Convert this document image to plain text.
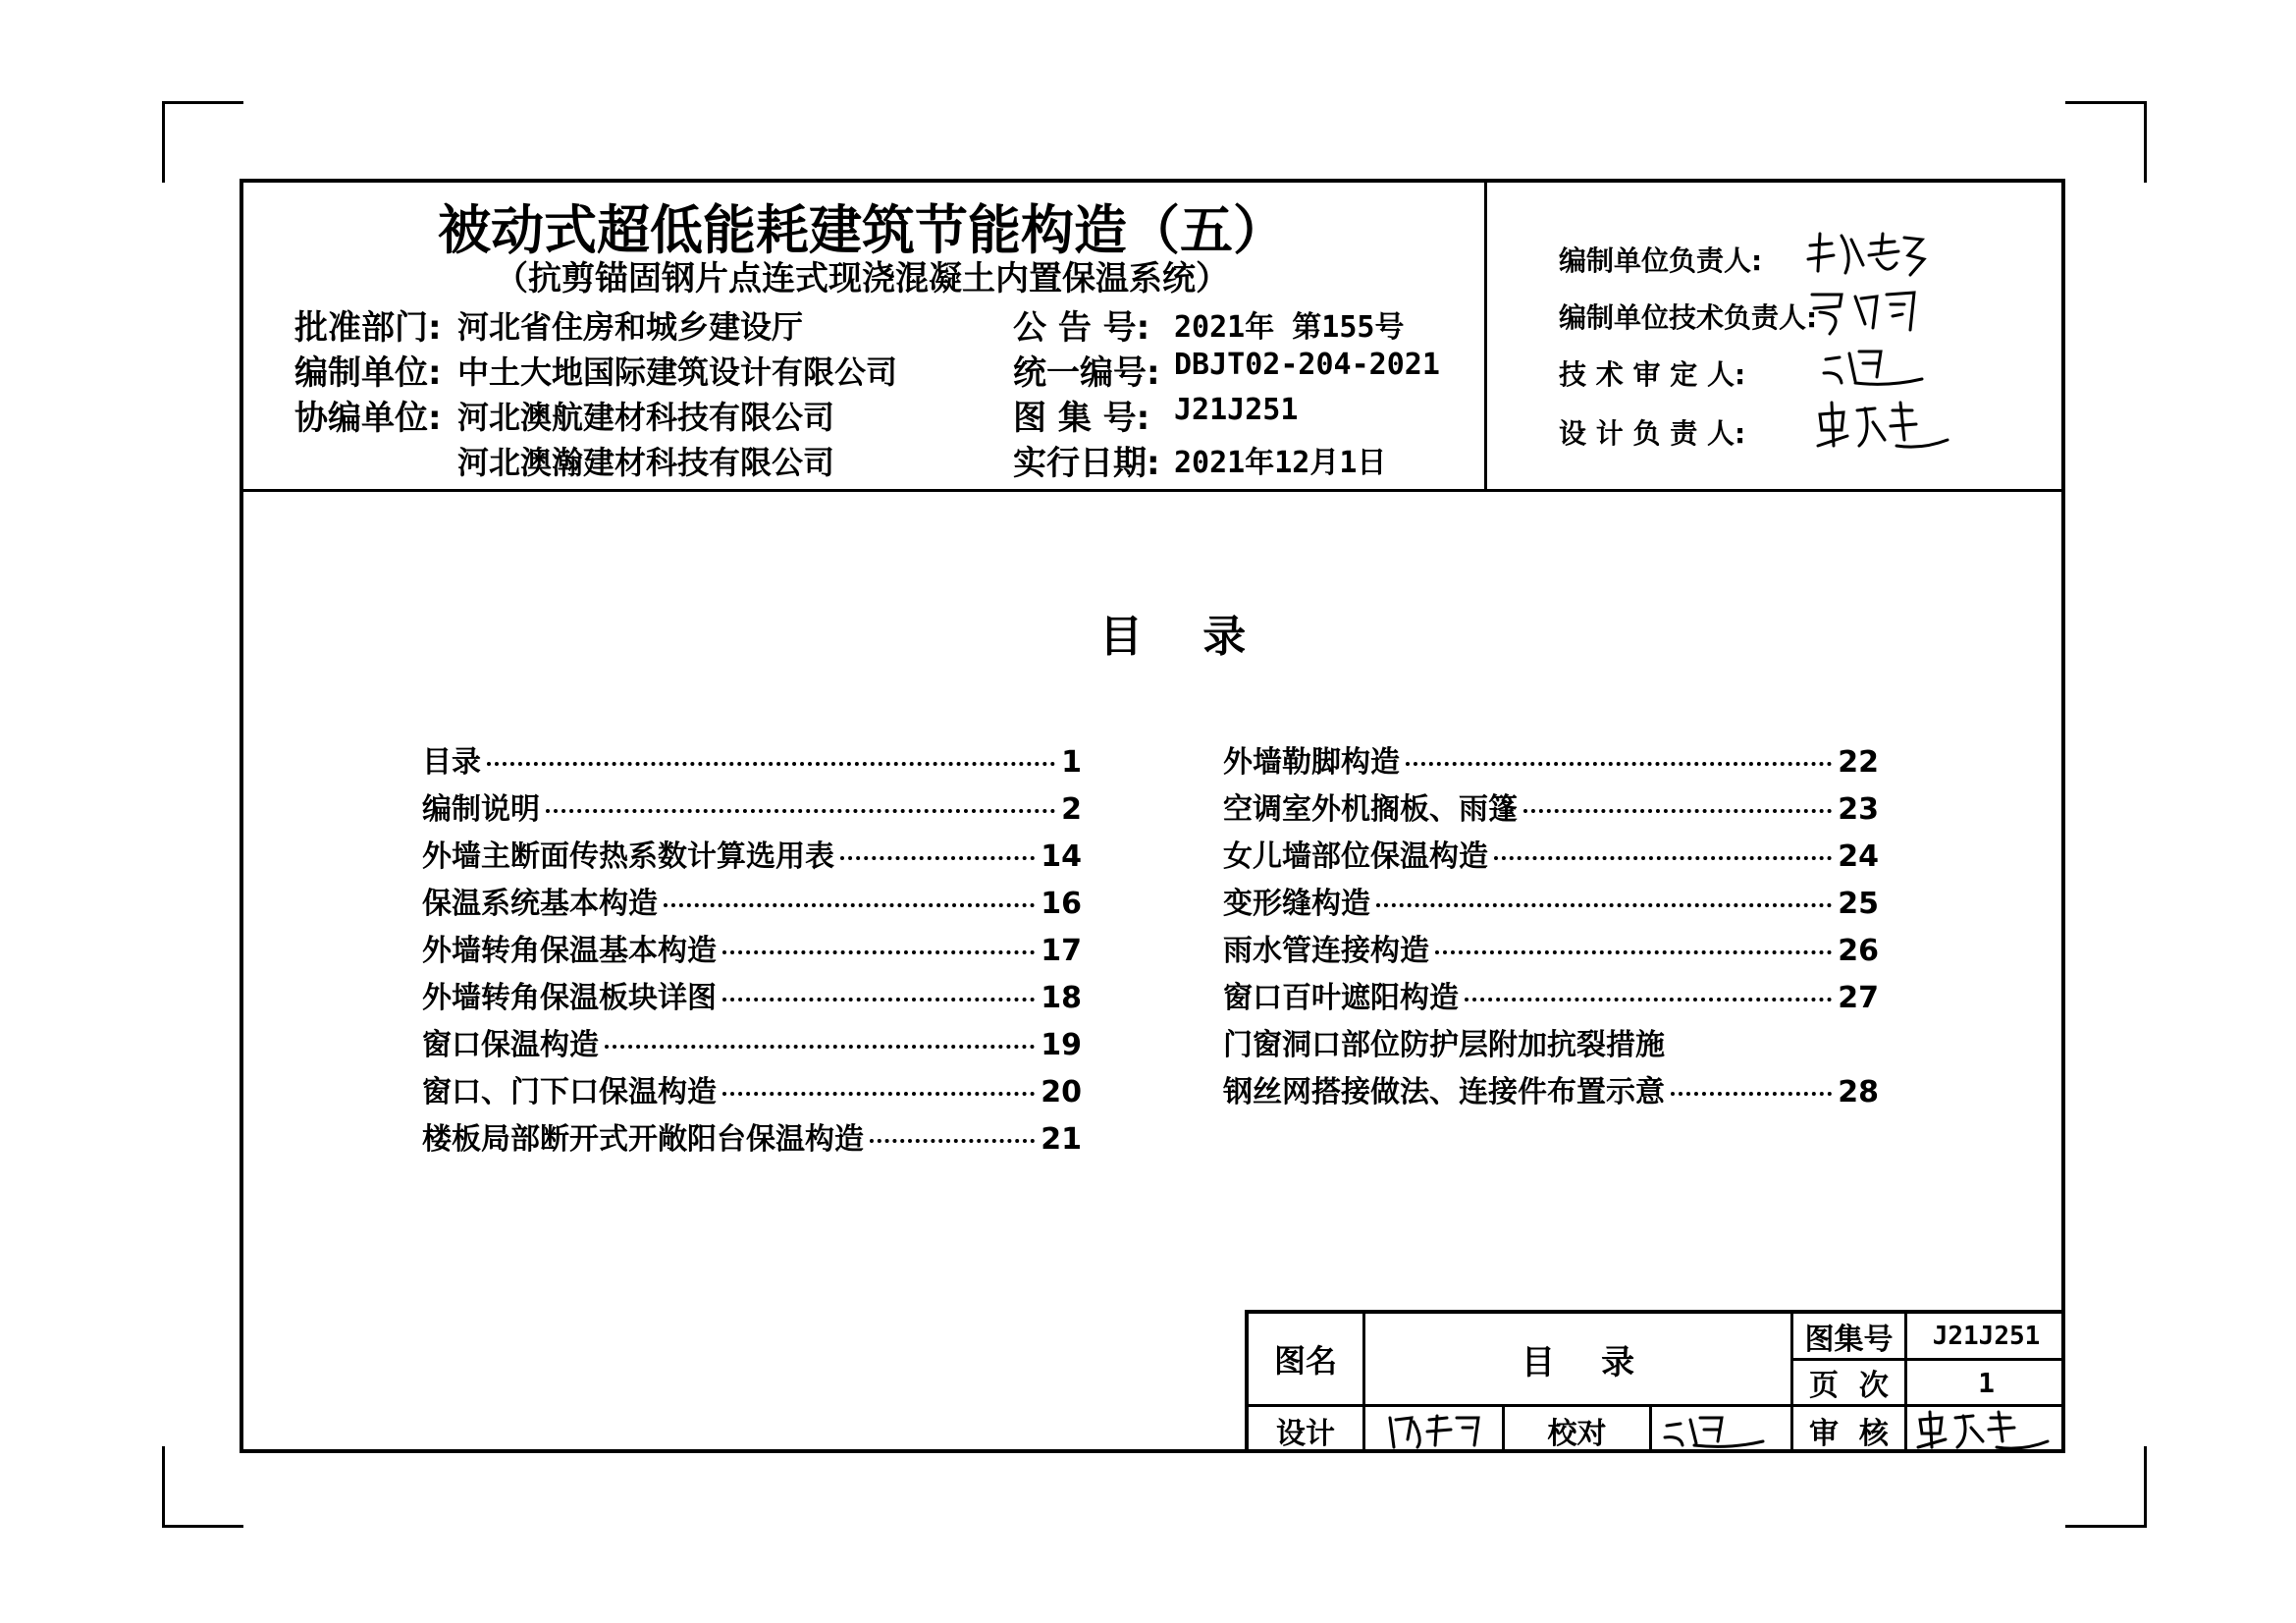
被动式超低能耗建筑节能构造（五）
（抗剪锚固钢片点连式现浇混凝土内置保温系统）
批准部门: 河北省住房和城乡建设厅
编制单位: 中土大地国际建筑设计有限公司
协编单位: 河北澳航建材科技有限公司
河北澳瀚建材科技有限公司
公 告 号: 2021年 第155号
统一编号: DBJT02-204-2021
图 集 号: J21J251
实行日期: 2021年12月1日
编制单位负责人:
编制单位技术负责人:
技 术 审 定 人:
设 计 负 责 人:
目    录
目录	1
编制说明	2
外墙主断面传热系数计算选用表	14
保温系统基本构造	16
外墙转角保温基本构造	17
外墙转角保温板块详图	18
窗口保温构造	19
窗口、门下口保温构造	20
楼板局部断开式开敞阳台保温构造	21
外墙勒脚构造	22
空调室外机搁板、雨篷	23
女儿墙部位保温构造	24
变形缝构造	25
雨水管连接构造	26
窗口百叶遮阳构造	27
门窗洞口部位防护层附加抗裂措施
钢丝网搭接做法、连接件布置示意	28
图名	目    录
图集号	J21J251
页  次	1
设计	校对	审  核
